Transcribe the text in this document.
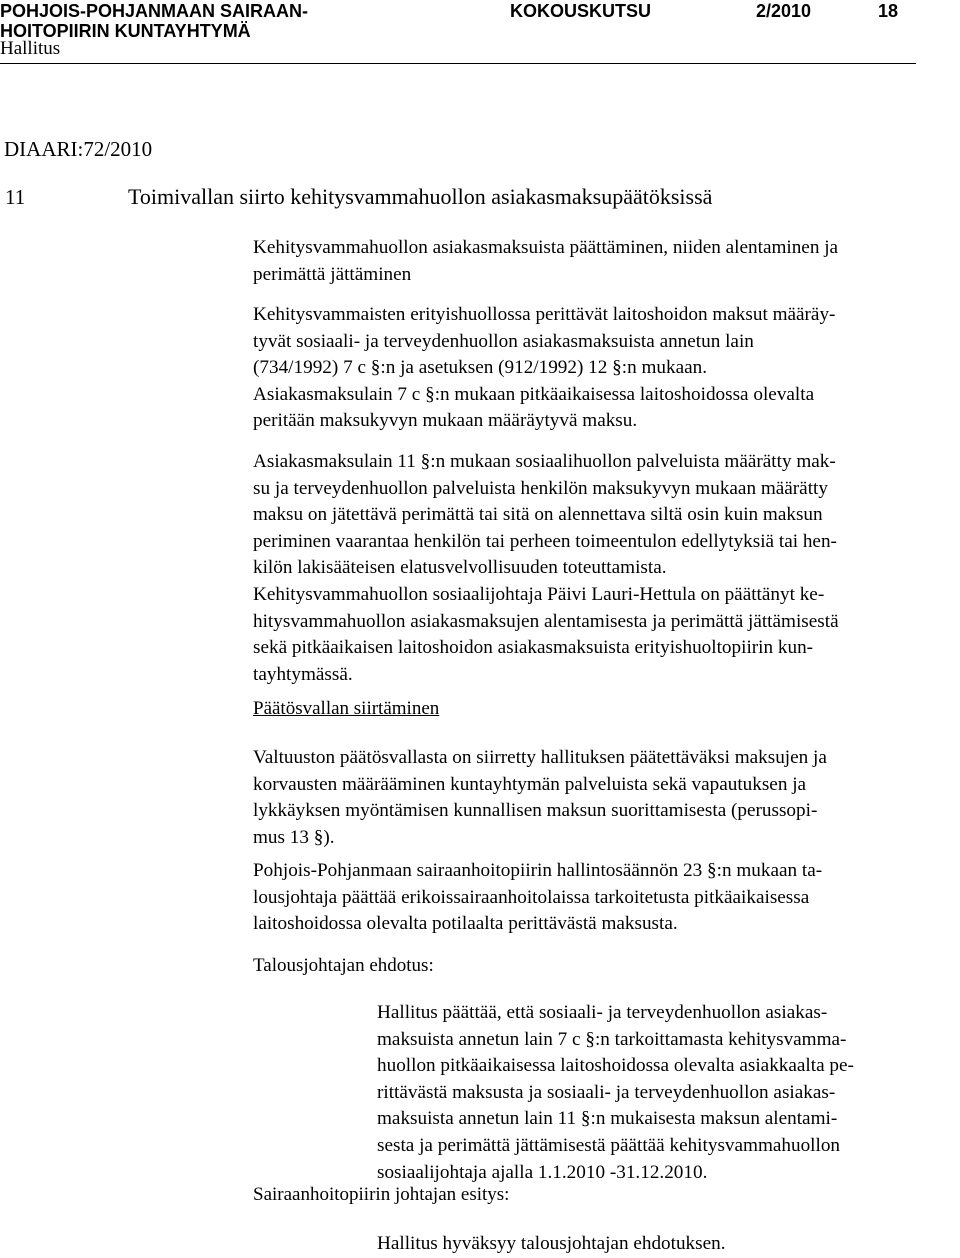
POHJOIS-POHJANMAAN SAIRAAN-
HOITOPIIRIN KUNTAYHTYMÄ
KOKOUSKUTSU	2/2010	18
Hallitus
DIAARI:72/2010
11	Toimivallan siirto kehitysvammahuollon asiakasmaksupäätöksissä
Kehitysvammahuollon asiakasmaksuista päättäminen, niiden alentaminen ja
perimättä jättäminen
Kehitysvammaisten erityishuollossa perittävät laitoshoidon maksut määräy-
tyvät sosiaali- ja terveydenhuollon asiakasmaksuista annetun lain
(734/1992) 7 c §:n ja asetuksen (912/1992) 12 §:n mukaan.
Asiakasmaksulain 7 c §:n mukaan pitkäaikaisessa laitoshoidossa olevalta
peritään maksukyvyn mukaan määräytyvä maksu.
Asiakasmaksulain 11 §:n mukaan sosiaalihuollon palveluista määrätty mak-
su ja terveydenhuollon palveluista henkilön maksukyvyn mukaan määrätty
maksu on jätettävä perimättä tai sitä on alennettava siltä osin kuin maksun
periminen vaarantaa henkilön tai perheen toimeentulon edellytyksiä tai hen-
kilön lakisääteisen elatusvelvollisuuden toteuttamista.
Kehitysvammahuollon sosiaalijohtaja Päivi Lauri-Hettula on päättänyt ke-
hitysvammahuollon asiakasmaksujen alentamisesta ja perimättä jättämisestä
sekä pitkäaikaisen laitoshoidon asiakasmaksuista erityishuoltopiirin kun-
tayhtymässä.
Päätösvallan siirtäminen
Valtuuston päätösvallasta on siirretty hallituksen päätettäväksi maksujen ja
korvausten määrääminen kuntayhtymän palveluista sekä vapautuksen ja
lykkäyksen myöntämisen kunnallisen maksun suorittamisesta (perussopi-
mus 13 §).
Pohjois-Pohjanmaan sairaanhoitopiirin hallintosäännön 23 §:n mukaan ta-
lousjohtaja päättää erikoissairaanhoitolaissa tarkoitetusta pitkäaikaisessa
laitoshoidossa olevalta potilaalta perittävästä maksusta.
Talousjohtajan ehdotus:
Hallitus päättää, että sosiaali- ja terveydenhuollon asiakas-
maksuista annetun lain 7 c §:n tarkoittamasta kehitysvamma-
huollon pitkäaikaisessa laitoshoidossa olevalta asiakkaalta pe-
rittävästä maksusta ja sosiaali- ja terveydenhuollon asiakas-
maksuista annetun lain 11 §:n mukaisesta maksun alentami-
sesta ja perimättä jättämisestä päättää kehitysvammahuollon
sosiaalijohtaja ajalla 1.1.2010 -31.12.2010.
Sairaanhoitopiirin johtajan esitys:
Hallitus hyväksyy talousjohtajan ehdotuksen.
